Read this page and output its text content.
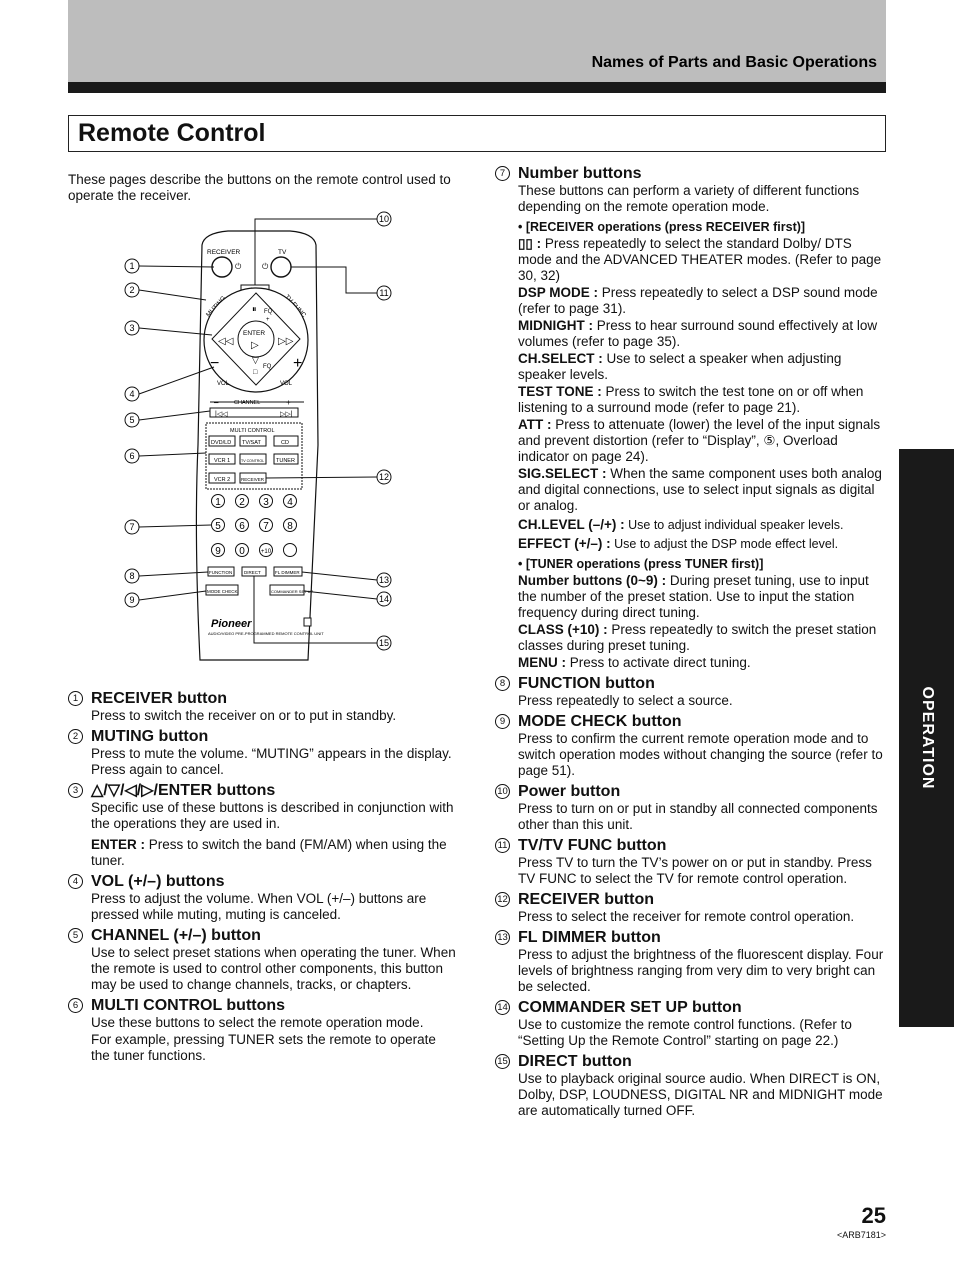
Names of Parts and Basic Operations
Remote Control

These pages describe the buttons on the remote control used to operate the receiver.

RECEIVER	TV
⏻	⏻
ENTER
▷
⏸ FQ
+
◁◁	▷▷
▽
FQ
□
−	+
VOL	VOL
–	+
CHANNEL
|◁◁	▷▷|
MULTI CONTROL
DVD/LD TV/SAT	CD
VCR 1	TV CONTROL TUNER
VCR 2 RECEIVER
1 2 3 4
5 6 7 8
9 0	+10
FUNCTION	DIRECT	FL DIMMER
MODE CHECK	COMMANDER SET UP
Pioneer
AUDIO/VIDEO PRE-PROGRAMMED REMOTE CONTROL UNIT
1
2
3
4
5
6
7
8
9
10
11
12
13
14
15
1 RECEIVER button

Press to switch the receiver on or to put in standby.

2 MUTING button

Press to mute the volume. “MUTING” appears in the display. Press again to cancel.

3 △/▽/◁/▷/ENTER buttons

Specific use of these buttons is described in conjunction with the operations they are used in.

ENTER : Press to switch the band (FM/AM) when using the tuner.

4 VOL (+/–) buttons

Press to adjust the volume. When VOL (+/–) buttons are pressed while muting, muting is canceled.

5 CHANNEL (+/–) button

Use to select preset stations when operating the tuner. When the remote is used to control other components, this button may be used to change channels, tracks, or chapters.

6 MULTI CONTROL buttons

Use these buttons to select the remote operation mode.

For example, pressing TUNER sets the remote to operate the tuner functions.

7 Number buttons

These buttons can perform a variety of different functions depending on the remote operation mode.

• [RECEIVER operations (press RECEIVER first)]

▯▯ : Press repeatedly to select the standard Dolby/ DTS mode and the ADVANCED THEATER modes. (Refer to page 30, 32)

DSP MODE : Press repeatedly to select a DSP sound mode (refer to page 31).

MIDNIGHT : Press to hear surround sound effectively at low volumes (refer to page 35).

CH.SELECT : Use to select a speaker when adjusting speaker levels.

TEST TONE : Press to switch the test tone on or off when listening to a surround mode (refer to page 21).

ATT : Press to attenuate (lower) the level of the input signals and prevent distortion (refer to “Display”, ⑤, Overload indicator on page 24).

SIG.SELECT : When the same component uses both analog and digital connections, use to select input signals as digital or analog.

CH.LEVEL (–/+) : Use to adjust individual speaker levels.

EFFECT (+/–) : Use to adjust the DSP mode effect level.

• [TUNER operations (press TUNER first)]

Number buttons (0~9) : During preset tuning, use to input the number of the preset station. Use to input the station frequency during direct tuning.

CLASS (+10) : Press repeatedly to switch the preset station classes during preset tuning.

MENU : Press to activate direct tuning.

8 FUNCTION button

Press repeatedly to select a source.

9 MODE CHECK button

Press to confirm the current remote operation mode and to switch operation modes without changing the source (refer to page 51).

10 Power button

Press to turn on or put in standby all connected components other than this unit.

11 TV/TV FUNC button

Press TV to turn the TV’s power on or put in standby. Press TV FUNC to select the TV for remote control operation.

12 RECEIVER button

Press to select the receiver for remote control operation.

13 FL DIMMER button

Press to adjust the brightness of the fluorescent display. Four levels of brightness ranging from very dim to very bright can be selected.

14 COMMANDER SET UP button

Use to customize the remote control functions. (Refer to “Setting Up the Remote Control” starting on page 22.)

15 DIRECT button

Use to playback original source audio. When DIRECT is ON, Dolby, DSP, LOUDNESS, DIGITAL NR and MIDNIGHT mode are automatically turned OFF.

OPERATION
25
<ARB7181>
